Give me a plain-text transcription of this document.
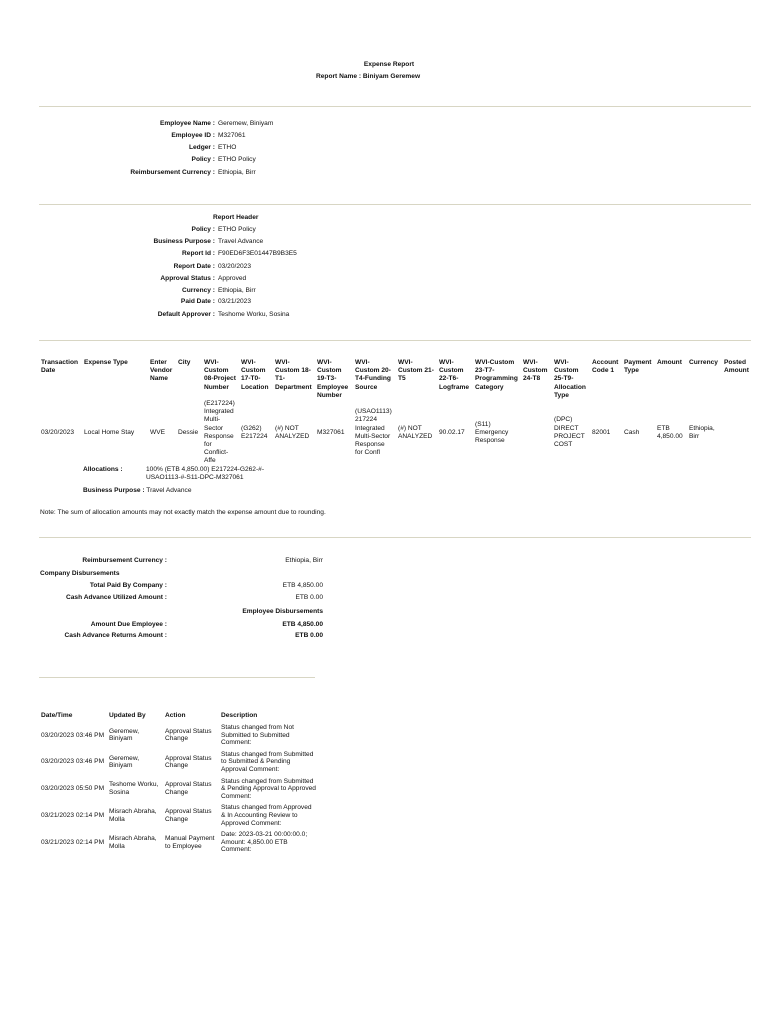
Expense Report
Report Name : Biniyam Geremew
Employee Name : Geremew, Biniyam
Employee ID : M327061
Ledger : ETHO
Policy : ETHO Policy
Reimbursement Currency : Ethiopia, Birr
Report Header
Policy : ETHO Policy
Business Purpose : Travel Advance
Report Id : F90ED6F3E01447B9B3E5
Report Date : 03/20/2023
Approval Status : Approved
Currency : Ethiopia, Birr
Paid Date : 03/21/2023
Default Approver : Teshome Worku, Sosina
Transaction Date	Expense Type	Enter Vendor Name	City	WVI-Custom 08-Project Number	WVI-Custom 17-T0-Location	WVI-Custom 18-T1-Department	WVI-Custom 19-T3-Employee Number	WVI-Custom 20-T4-Funding Source	WVI-Custom 21-T5	WVI-Custom 22-T6-Logframe	WVI-Custom 23-T7-Programming Category	WVI-Custom 24-T8	WVI-Custom 25-T9-Allocation Type	Account Code 1	Payment Type	Amount	Currency	Posted Amount
03/20/2023	Local Home Stay	WVE	Dessie	(E217224) Integrated Multi-Sector Response for Conflict-Affe	(G262) E217224	(#) NOT ANALYZED	M327061	(USAO1113) 217224 Integrated Multi-Sector Response for Confl	(#) NOT ANALYZED	90.02.17	(S11) Emergency Response		(DPC) DIRECT PROJECT COST	82001	Cash	ETB 4,850.00	Ethiopia, Birr	
Allocations :	100% (ETB 4,850.00) E217224-G262-#-USAO1113-#-S11-DPC-M327061
Business Purpose : Travel Advance
Note: The sum of allocation amounts may not exactly match the expense amount due to rounding.
Reimbursement Currency :	Ethiopia, Birr
Company Disbursements
Total Paid By Company :	ETB 4,850.00
Cash Advance Utilized Amount :	ETB 0.00
Employee Disbursements
Amount Due Employee :	ETB 4,850.00
Cash Advance Returns Amount :	ETB 0.00
Date/Time	Updated By	Action	Description
03/20/2023 03:46 PM	Geremew, Biniyam	Approval Status Change	Status changed from Not Submitted to Submitted Comment:
03/20/2023 03:46 PM	Geremew, Biniyam	Approval Status Change	Status changed from Submitted to Submitted & Pending Approval Comment:
03/20/2023 05:50 PM	Teshome Worku, Sosina	Approval Status Change	Status changed from Submitted & Pending Approval to Approved Comment:
03/21/2023 02:14 PM	Misrach Abraha, Molla	Approval Status Change	Status changed from Approved & In Accounting Review to Approved Comment:
03/21/2023 02:14 PM	Misrach Abraha, Molla	Manual Payment to Employee	Date: 2023-03-21 00:00:00.0; Amount: 4,850.00 ETB Comment:
